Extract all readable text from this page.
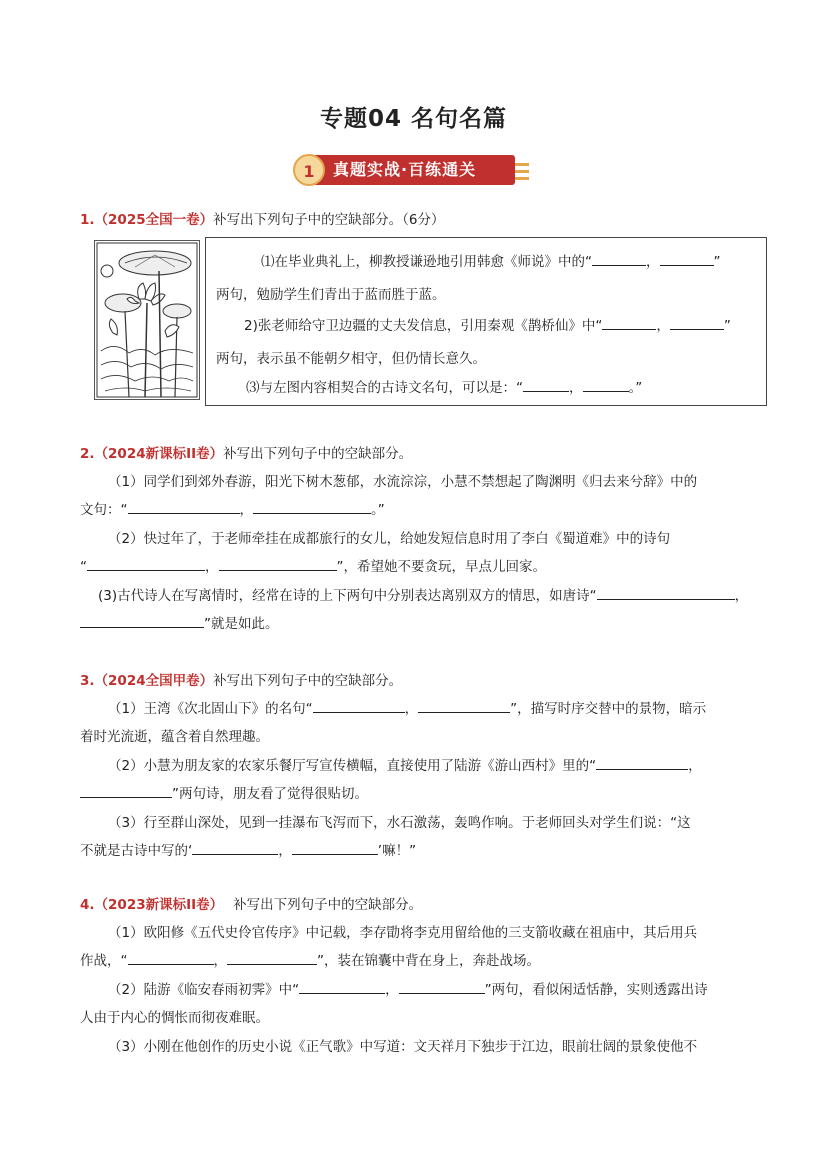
专题04 名句名篇
1	真题实战·百练通关
1.（2025全国一卷）补写出下列句子中的空缺部分。（6分）
⑴在毕业典礼上，柳教授谦逊地引用韩愈《师说》中的“	，	”
两句，勉励学生们青出于蓝而胜于蓝。
2)张老师给守卫边疆的丈夫发信息，引用秦观《鹊桥仙》中“	，	”
两句，表示虽不能朝夕相守，但仍情长意久。
⑶与左图内容相契合的古诗文名句，可以是：“	，	。”
2.（2024新课标II卷）补写出下列句子中的空缺部分。
（1）同学们到郊外春游，阳光下树木葱郁，水流淙淙，小慧不禁想起了陶渊明《归去来兮辞》中的
文句：“	，	。”
（2）快过年了，于老师牵挂在成都旅行的女儿，给她发短信息时用了李白《蜀道难》中的诗句
“	，	”，希望她不要贪玩，早点儿回家。
(3)古代诗人在写离情时，经常在诗的上下两句中分别表达离别双方的情思，如唐诗“	，
”就是如此。
3.（2024全国甲卷）补写出下列句子中的空缺部分。
（1）王湾《次北固山下》的名句“	，	”，描写时序交替中的景物，暗示
着时光流逝，蕴含着自然理趣。
（2）小慧为朋友家的农家乐餐厅写宣传横幅，直接使用了陆游《游山西村》里的“	，
”两句诗，朋友看了觉得很贴切。
（3）行至群山深处，见到一挂瀑布飞泻而下，水石激荡，轰鸣作响。于老师回头对学生们说：“这
不就是古诗中写的‘	，	’嘛！”
4.（2023新课标II卷） 补写出下列句子中的空缺部分。
（1）欧阳修《五代史伶官传序》中记载，李存勖将李克用留给他的三支箭收藏在祖庙中，其后用兵
作战，“	，	”，装在锦囊中背在身上，奔赴战场。
（2）陆游《临安春雨初霁》中“	，	”两句，看似闲适恬静，实则透露出诗
人由于内心的惆怅而彻夜难眠。
（3）小刚在他创作的历史小说《正气歌》中写道：文天祥月下独步于江边，眼前壮阔的景象使他不
